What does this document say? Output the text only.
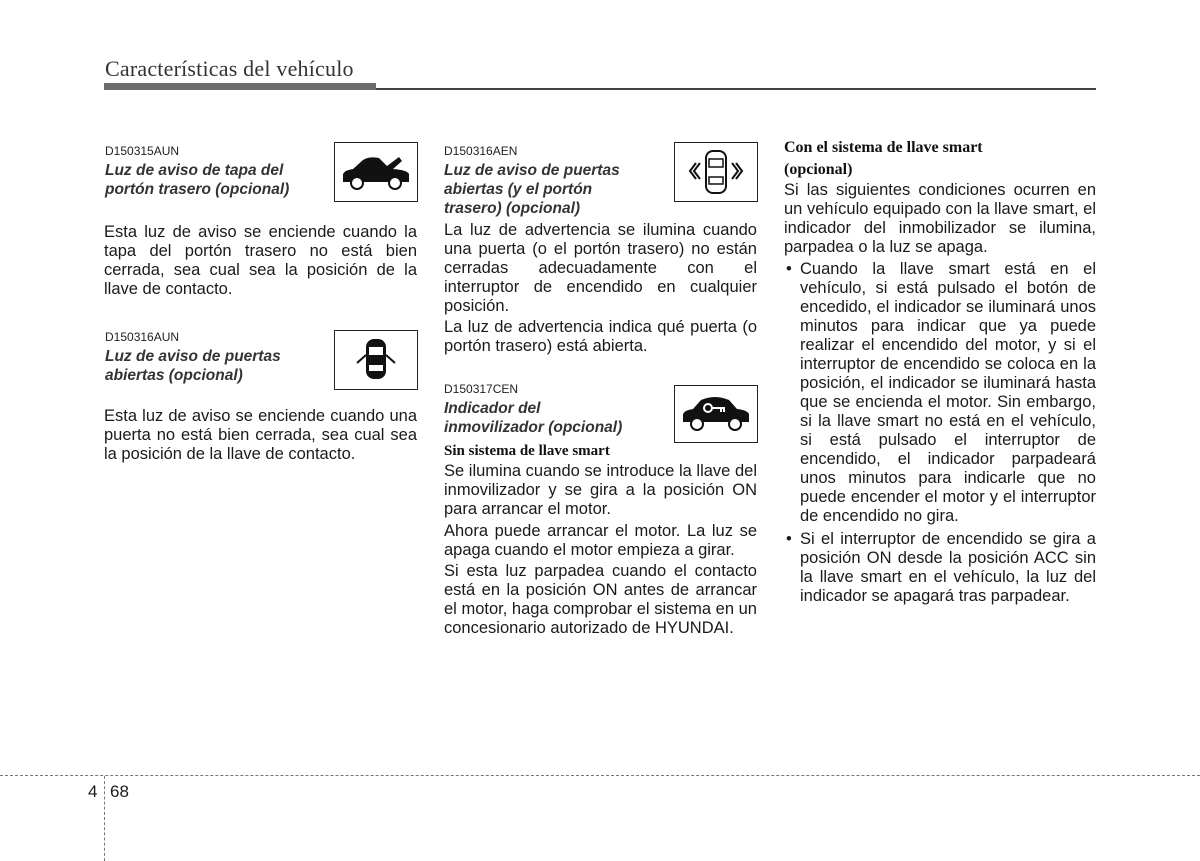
Características del vehículo
D150315AUN
Luz de aviso de tapa del
portón trasero (opcional)

Esta luz de aviso se enciende cuando la tapa del portón trasero no está bien cerrada, sea cual sea la posición de la llave de contacto.

D150316AUN
Luz de aviso de puertas
abiertas (opcional)

Esta luz de aviso se enciende cuando una puerta no está bien cerrada, sea cual sea la posición de la llave de contacto.

D150316AEN
Luz de aviso de puertas
abiertas (y el portón
trasero) (opcional)

La luz de advertencia se ilumina cuando una puerta (o el portón trasero) no están cerradas adecuadamente con el interruptor de encendido en cualquier posición.

La luz de advertencia indica qué puerta (o portón trasero) está abierta.

D150317CEN
Indicador del
inmovilizador (opcional)
Sin sistema de llave smart

Se ilumina cuando se introduce la llave del inmovilizador y se gira a la posición ON para arrancar el motor.

Ahora puede arrancar el motor. La luz se apaga cuando el motor empieza a girar.

Si esta luz parpadea cuando el contacto está en la posición ON antes de arrancar el motor, haga comprobar el sistema en un concesionario autorizado de HYUNDAI.

Con el sistema de llave smart
(opcional)

Si las siguientes condiciones ocurren en un vehículo equipado con la llave smart, el indicador del inmobilizador se ilumina, parpadea o la luz se apaga.

• Cuando la llave smart está en el vehículo, si está pulsado el botón de encedido, el indicador se iluminará unos minutos para indicar que ya puede realizar el encendido del motor, y si el interruptor de encendido se coloca en la posición, el indicador se iluminará hasta que se encienda el motor. Sin embargo, si la llave smart no está en el vehículo, si está pulsado el interruptor de encendido, el indicador parpadeará unos minutos para indicarle que no puede encender el motor y el interruptor de encendido no gira.
• Si el interruptor de encendido se gira a posición ON desde la posición ACC sin la llave smart en el vehículo, la luz del indicador se apagará tras parpadear.
4 68
